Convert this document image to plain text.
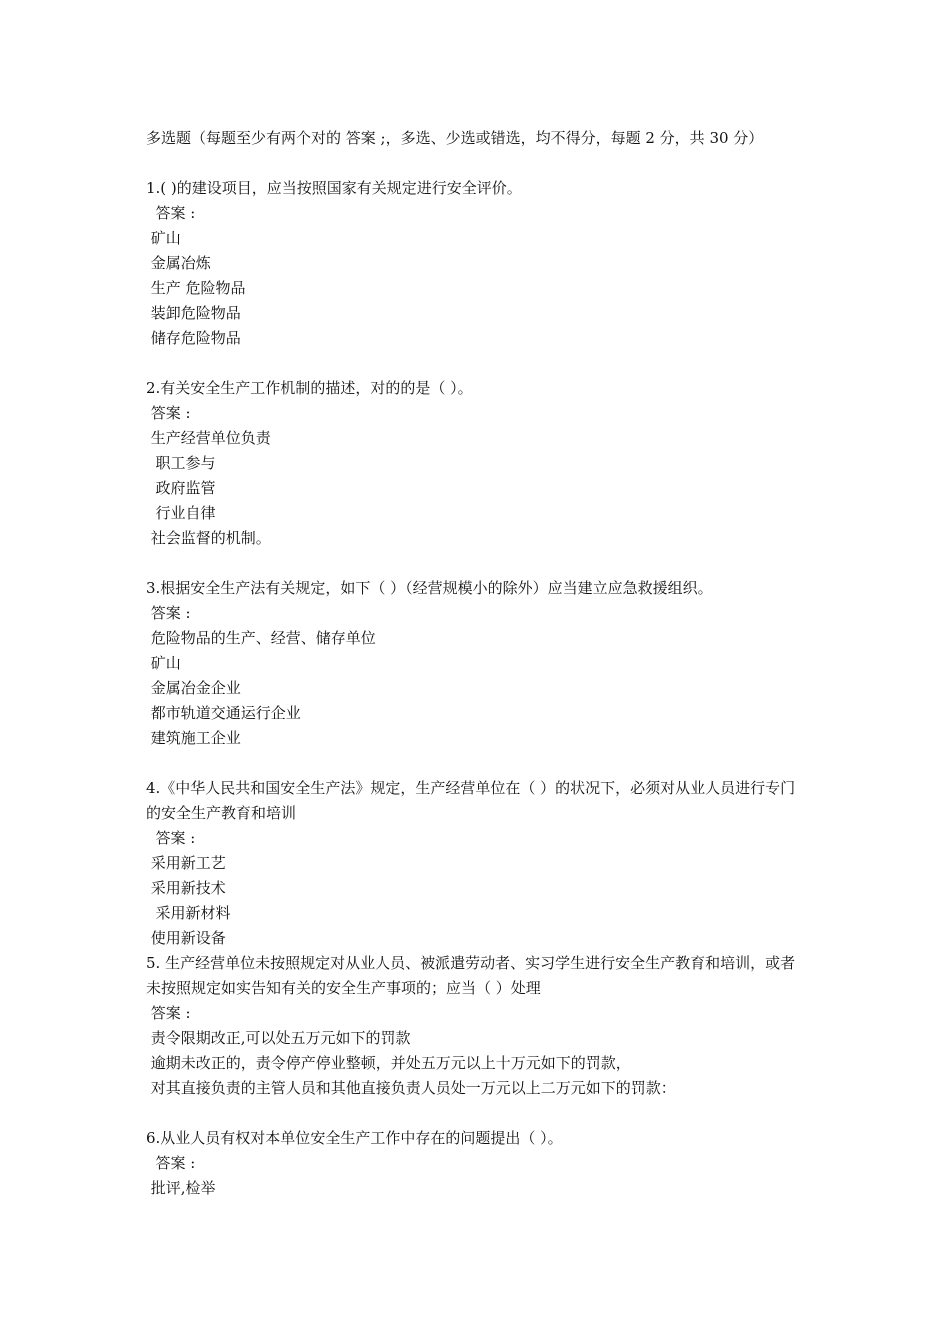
多选题（每题至少有两个对的 答案 ;，多选、少选或错选，均不得分，每题 2 分，共 30 分）
1.( )的建设项目，应当按照国家有关规定进行安全评价。
答案 :
矿山
金属冶炼
生产 危险物品
装卸危险物品
储存危险物品
2.有关安全生产工作机制的描述，对的的是（ ）。
答案 :
生产经营单位负责
职工参与
政府监管
行业自律
社会监督的机制。
3.根据安全生产法有关规定，如下（ ）（经营规模小的除外）应当建立应急救援组织。
答案 :
危险物品的生产、经营、储存单位
矿山
金属冶金企业
都市轨道交通运行企业
建筑施工企业
4.《中华人民共和国安全生产法》规定，生产经营单位在（ ）的状况下，必须对从业人员进行专门的安全生产教育和培训
答案 :
采用新工艺
采用新技术
采用新材料
使用新设备
5. 生产经营单位未按照规定对从业人员、被派遣劳动者、实习学生进行安全生产教育和培训，或者未按照规定如实告知有关的安全生产事项的；应当（ ）处理
答案 :
责令限期改正,可以处五万元如下的罚款
逾期未改正的，责令停产停业整顿，并处五万元以上十万元如下的罚款，
对其直接负责的主管人员和其他直接负责人员处一万元以上二万元如下的罚款：
6.从业人员有权对本单位安全生产工作中存在的问题提出（ ）。
答案 :
批评,检举
